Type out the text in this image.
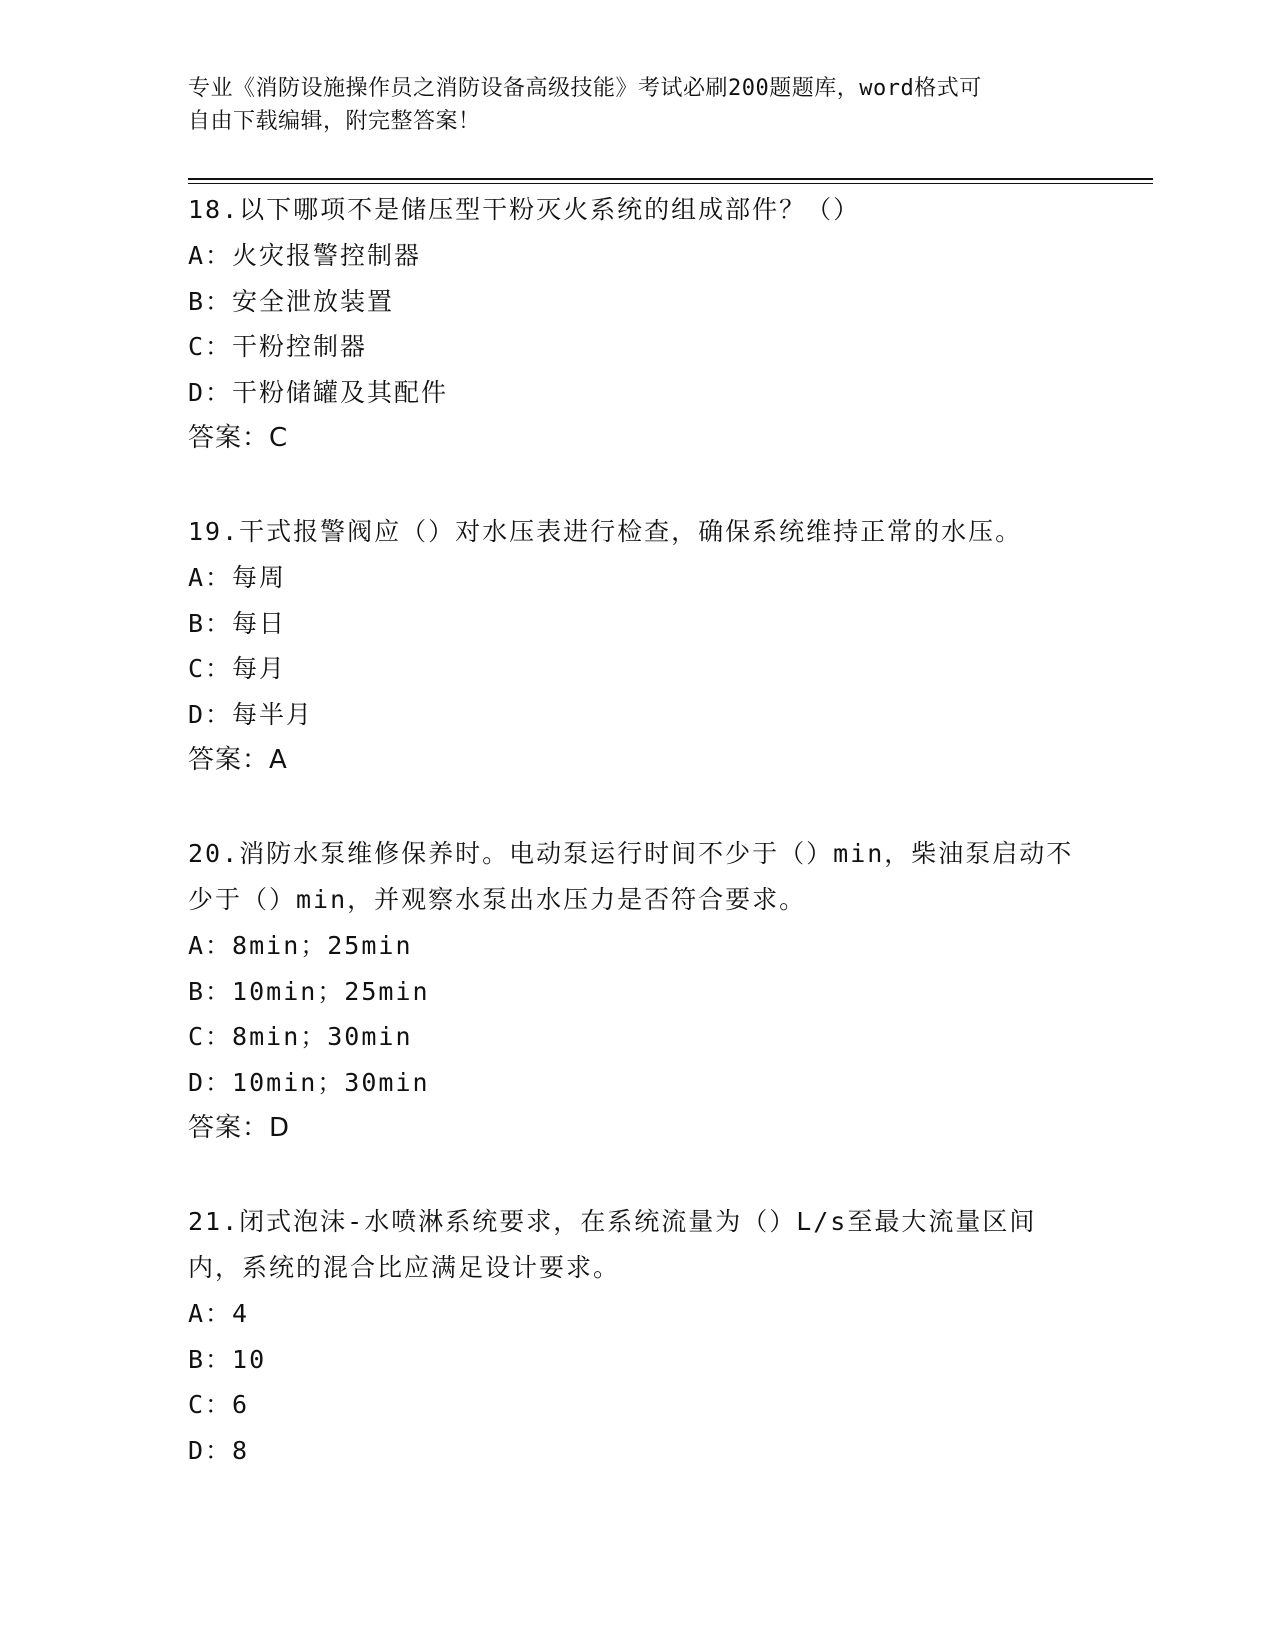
专业《消防设施操作员之消防设备高级技能》考试必刷200题题库，word格式可
自由下载编辑，附完整答案！
18.以下哪项不是储压型干粉灭火系统的组成部件？（）
A：火灾报警控制器
B：安全泄放装置
C：干粉控制器
D：干粉储罐及其配件
答案：C
19.干式报警阀应（）对水压表进行检查，确保系统维持正常的水压。
A：每周
B：每日
C：每月
D：每半月
答案：A
20.消防水泵维修保养时。电动泵运行时间不少于（）min，柴油泵启动不少于（）min，并观察水泵出水压力是否符合要求。
A：8min；25min
B：10min；25min
C：8min；30min
D：10min；30min
答案：D
21.闭式泡沫-水喷淋系统要求，在系统流量为（）L/s至最大流量区间内，系统的混合比应满足设计要求。
A：4
B：10
C：6
D：8
